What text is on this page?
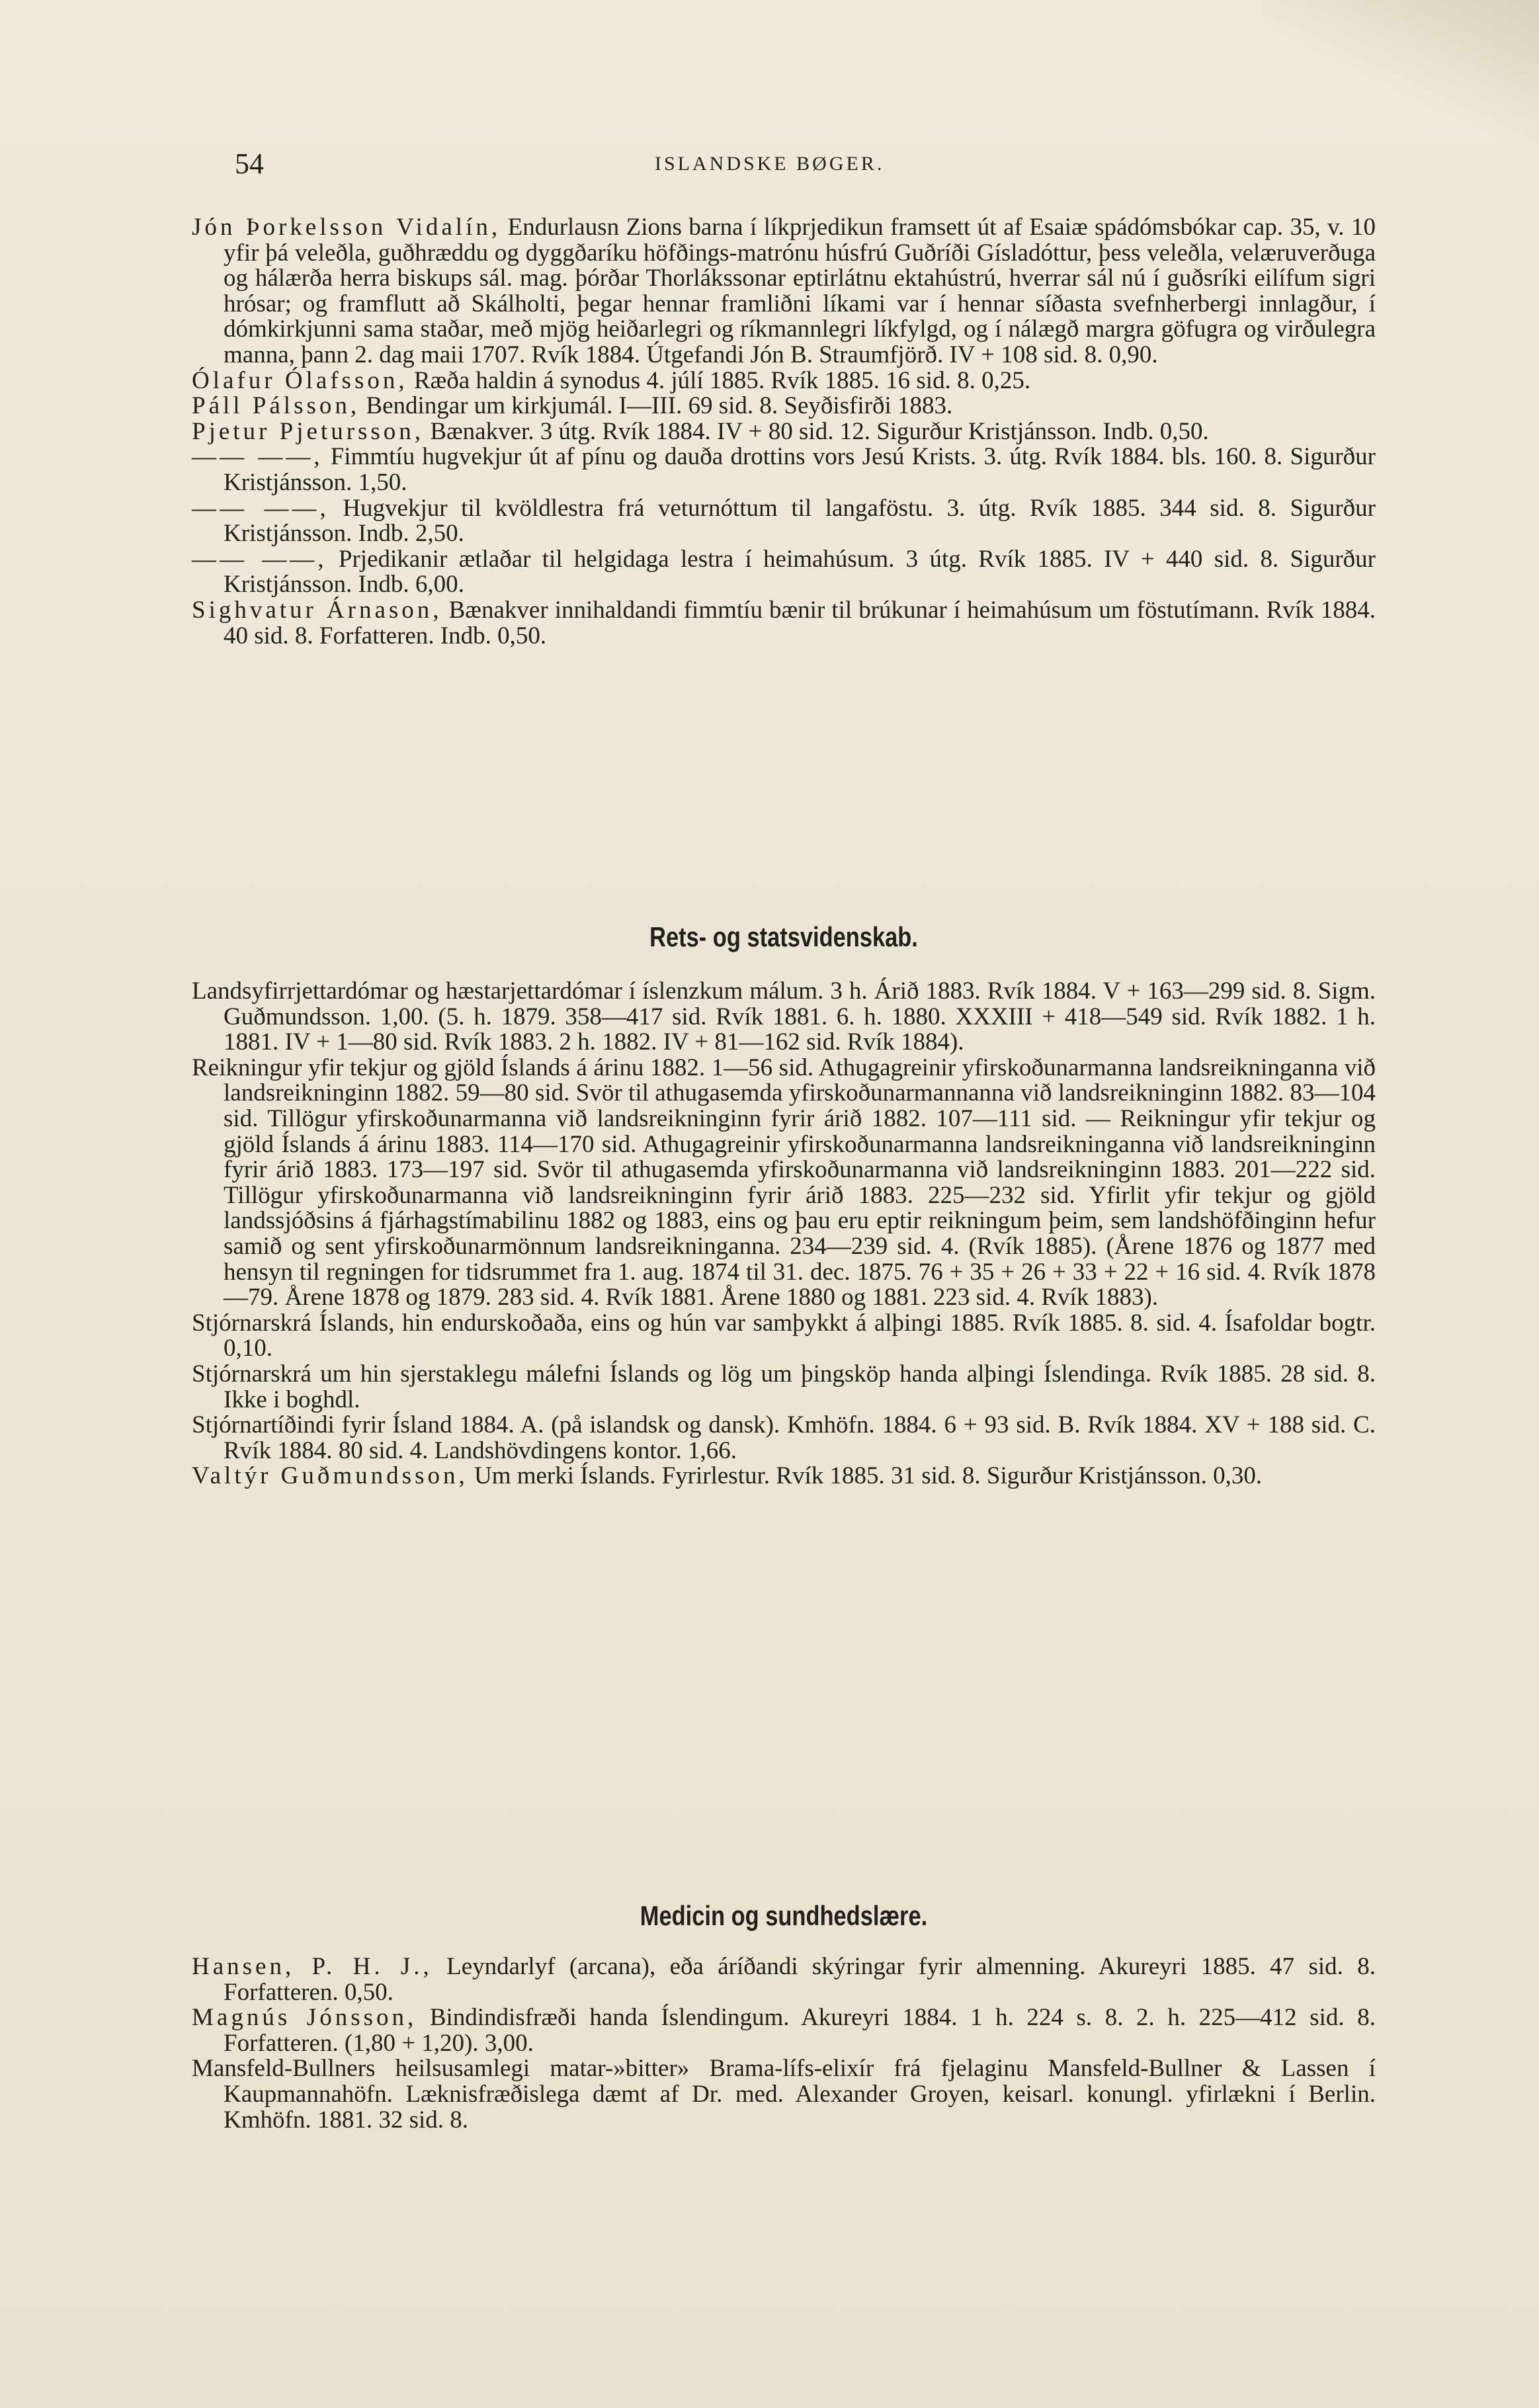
54	ISLANDSKE BØGER.

Jón Þorkelsson Vidalín, Endurlausn Zions barna í líkprjedikun framsett út af Esaiæ spádómsbókar cap. 35, v. 10 yfir þá veleðla, guðhræddu og dyggðaríku höfðings-matrónu húsfrú Guðríði Gísladóttur, þess veleðla, velæruverðuga og hálærða herra biskups sál. mag. þórðar Thorlákssonar eptirlátnu ektahústrú, hverrar sál nú í guðsríki eilífum sigri hrósar; og framflutt að Skálholti, þegar hennar framliðni líkami var í hennar síðasta svefnherbergi innlagður, í dómkirkjunni sama staðar, með mjög heiðarlegri og ríkmannlegri líkfylgd, og í nálægð margra göfugra og virðulegra manna, þann 2. dag maii 1707. Rvík 1884. Útgefandi Jón B. Straumfjörð. IV + 108 sid. 8. 0,90.

Ólafur Ólafsson, Ræða haldin á synodus 4. júlí 1885. Rvík 1885. 16 sid. 8. 0,25.

Páll Pálsson, Bendingar um kirkjumál. I—III. 69 sid. 8. Seyðisfirði 1883.

Pjetur Pjetursson, Bænakver. 3 útg. Rvík 1884. IV + 80 sid. 12. Sigurður Kristjánsson. Indb. 0,50.

—— ——, Fimmtíu hugvekjur út af pínu og dauða drottins vors Jesú Krists. 3. útg. Rvík 1884. bls. 160. 8. Sigurður Kristjánsson. 1,50.

—— ——, Hugvekjur til kvöldlestra frá veturnóttum til langaföstu. 3. útg. Rvík 1885. 344 sid. 8. Sigurður Kristjánsson. Indb. 2,50.

—— ——, Prjedikanir ætlaðar til helgidaga lestra í heimahúsum. 3 útg. Rvík 1885. IV + 440 sid. 8. Sigurður Kristjánsson. Indb. 6,00.

Sighvatur Árnason, Bænakver innihaldandi fimmtíu bænir til brúkunar í heimahúsum um föstutímann. Rvík 1884. 40 sid. 8. Forfatteren. Indb. 0,50.

Rets- og statsvidenskab.

Landsyfirrjettardómar og hæstarjettardómar í íslenzkum málum. 3 h. Árið 1883. Rvík 1884. V + 163—299 sid. 8. Sigm. Guðmundsson. 1,00. (5. h. 1879. 358—417 sid. Rvík 1881. 6. h. 1880. XXXIII + 418—549 sid. Rvík 1882. 1 h. 1881. IV + 1—80 sid. Rvík 1883. 2 h. 1882. IV + 81—162 sid. Rvík 1884).

Reikningur yfir tekjur og gjöld Íslands á árinu 1882. 1—56 sid. Athugagreinir yfirskoðunarmanna landsreikninganna við landsreikninginn 1882. 59—80 sid. Svör til athugasemda yfirskoðunarmannanna við landsreikninginn 1882. 83—104 sid. Tillögur yfirskoðunarmanna við landsreikninginn fyrir árið 1882. 107—111 sid. — Reikningur yfir tekjur og gjöld Íslands á árinu 1883. 114—170 sid. Athugagreinir yfirskoðunarmanna landsreikninganna við landsreikninginn fyrir árið 1883. 173—197 sid. Svör til athugasemda yfirskoðunarmanna við landsreikninginn 1883. 201—222 sid. Tillögur yfirskoðunarmanna við landsreikninginn fyrir árið 1883. 225—232 sid. Yfirlit yfir tekjur og gjöld landssjóðsins á fjárhagstímabilinu 1882 og 1883, eins og þau eru eptir reikningum þeim, sem landshöfðinginn hefur samið og sent yfirskoðunarmönnum landsreikninganna. 234—239 sid. 4. (Rvík 1885). (Årene 1876 og 1877 med hensyn til regningen for tidsrummet fra 1. aug. 1874 til 31. dec. 1875. 76 + 35 + 26 + 33 + 22 + 16 sid. 4. Rvík 1878—79. Årene 1878 og 1879. 283 sid. 4. Rvík 1881. Årene 1880 og 1881. 223 sid. 4. Rvík 1883).

Stjórnarskrá Íslands, hin endurskoðaða, eins og hún var samþykkt á alþingi 1885. Rvík 1885. 8. sid. 4. Ísafoldar bogtr. 0,10.

Stjórnarskrá um hin sjerstaklegu málefni Íslands og lög um þingsköp handa alþingi Íslendinga. Rvík 1885. 28 sid. 8. Ikke i boghdl.

Stjórnartíðindi fyrir Ísland 1884. A. (på islandsk og dansk). Kmhöfn. 1884. 6 + 93 sid. B. Rvík 1884. XV + 188 sid. C. Rvík 1884. 80 sid. 4. Landshövdingens kontor. 1,66.

Valtýr Guðmundsson, Um merki Íslands. Fyrirlestur. Rvík 1885. 31 sid. 8. Sigurður Kristjánsson. 0,30.

Medicin og sundhedslære.

Hansen, P. H. J., Leyndarlyf (arcana), eða áríðandi skýringar fyrir almenning. Akureyri 1885. 47 sid. 8. Forfatteren. 0,50.

Magnús Jónsson, Bindindisfræði handa Íslendingum. Akureyri 1884. 1 h. 224 s. 8. 2. h. 225—412 sid. 8. Forfatteren. (1,80 + 1,20). 3,00.

Mansfeld-Bullners heilsusamlegi matar-»bitter» Brama-lífs-elixír frá fjelaginu Mansfeld-Bullner & Lassen í Kaupmannahöfn. Læknisfræðislega dæmt af Dr. med. Alexander Groyen, keisarl. konungl. yfirlækni í Berlin. Kmhöfn. 1881. 32 sid. 8.
